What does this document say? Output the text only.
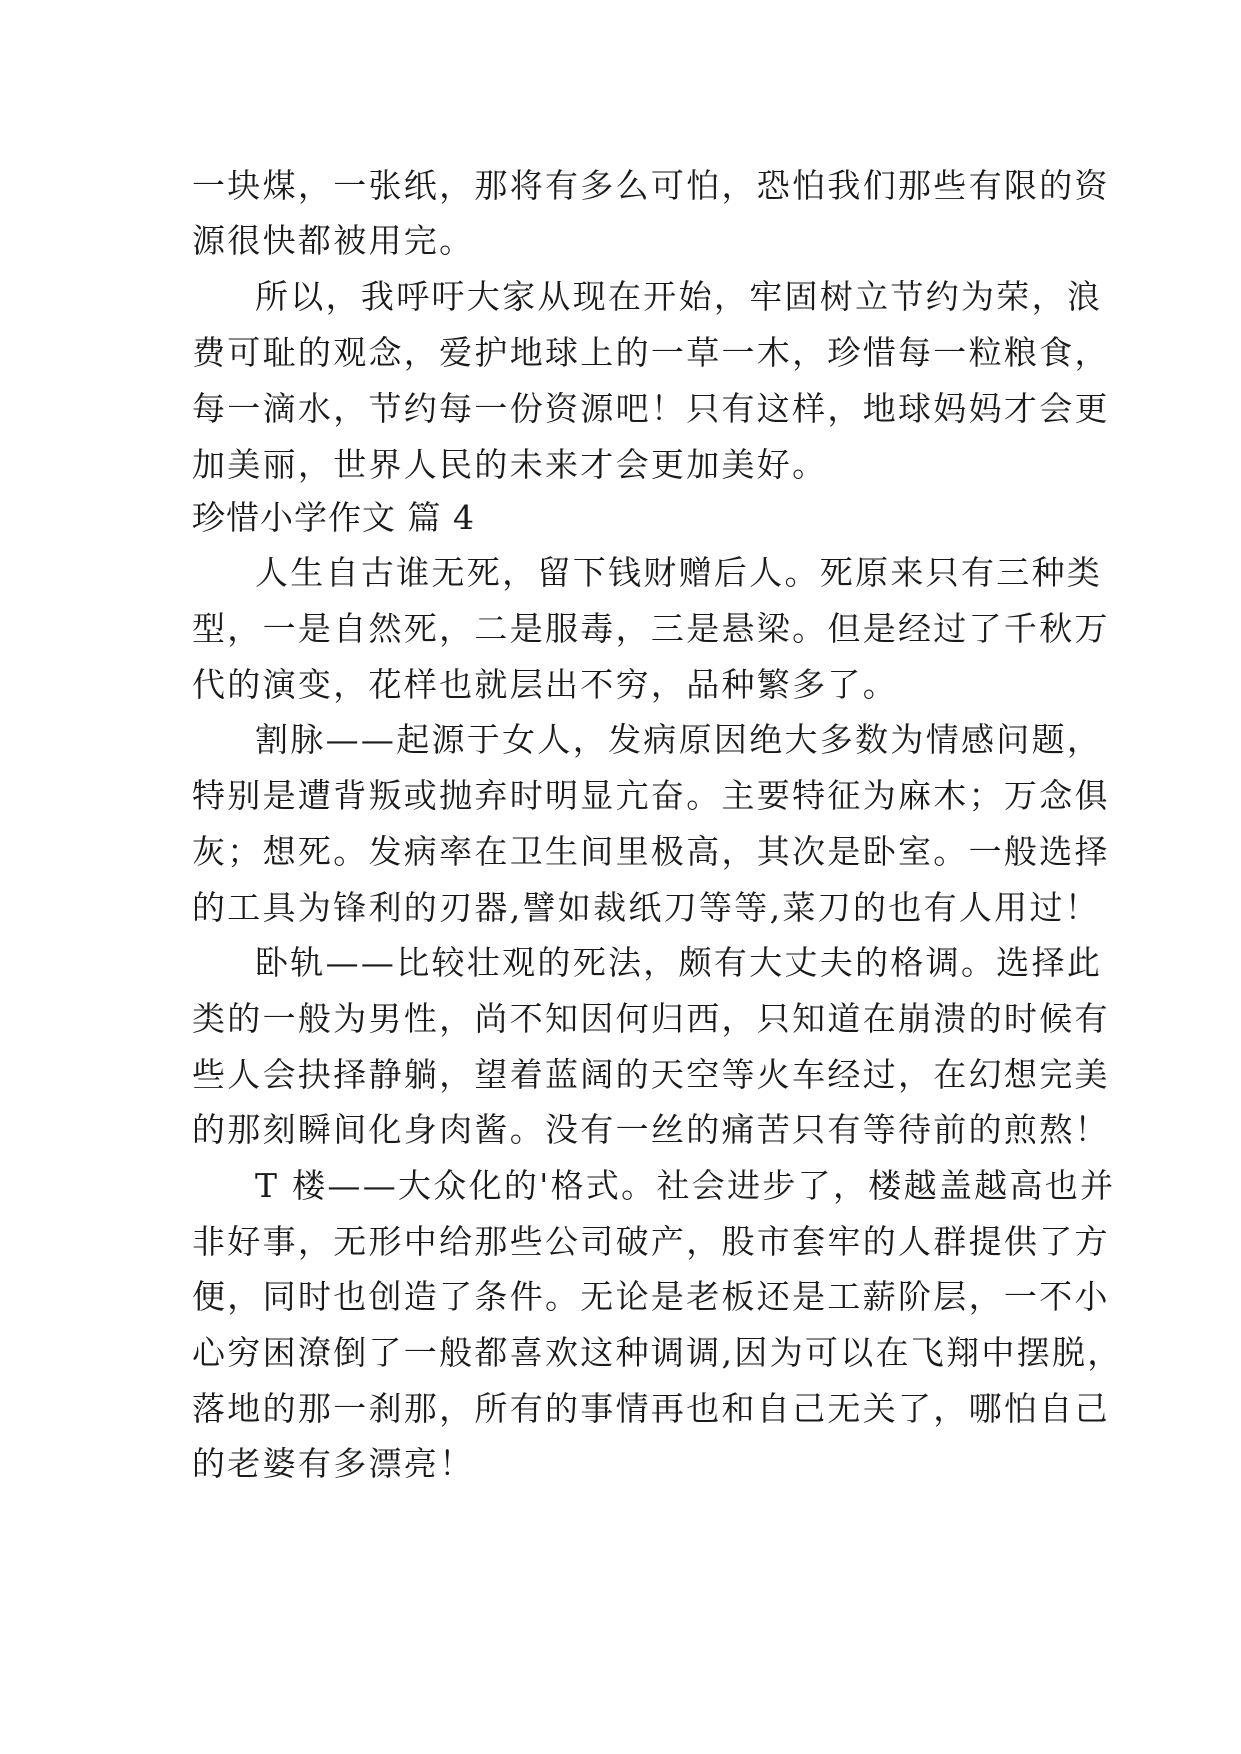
一块煤，一张纸，那将有多么可怕，恐怕我们那些有限的资
源很快都被用完。
所以，我呼吁大家从现在开始，牢固树立节约为荣，浪
费可耻的观念，爱护地球上的一草一木，珍惜每一粒粮食，
每一滴水，节约每一份资源吧！只有这样，地球妈妈才会更
加美丽，世界人民的未来才会更加美好。
珍惜小学作文 篇 4
人生自古谁无死，留下钱财赠后人。死原来只有三种类
型，一是自然死，二是服毒，三是悬梁。但是经过了千秋万
代的演变，花样也就层出不穷，品种繁多了。
割脉——起源于女人，发病原因绝大多数为情感问题，
特别是遭背叛或抛弃时明显亢奋。主要特征为麻木；万念俱
灰；想死。发病率在卫生间里极高，其次是卧室。一般选择
的工具为锋利的刃器,譬如裁纸刀等等,菜刀的也有人用过！
卧轨——比较壮观的死法，颇有大丈夫的格调。选择此
类的一般为男性，尚不知因何归西，只知道在崩溃的时候有
些人会抉择静躺，望着蓝阔的天空等火车经过，在幻想完美
的那刻瞬间化身肉酱。没有一丝的痛苦只有等待前的煎熬！
T 楼——大众化的'格式。社会进步了，楼越盖越高也并
非好事，无形中给那些公司破产，股市套牢的人群提供了方
便，同时也创造了条件。无论是老板还是工薪阶层，一不小
心穷困潦倒了一般都喜欢这种调调,因为可以在飞翔中摆脱，
落地的那一刹那，所有的事情再也和自己无关了，哪怕自己
的老婆有多漂亮！
